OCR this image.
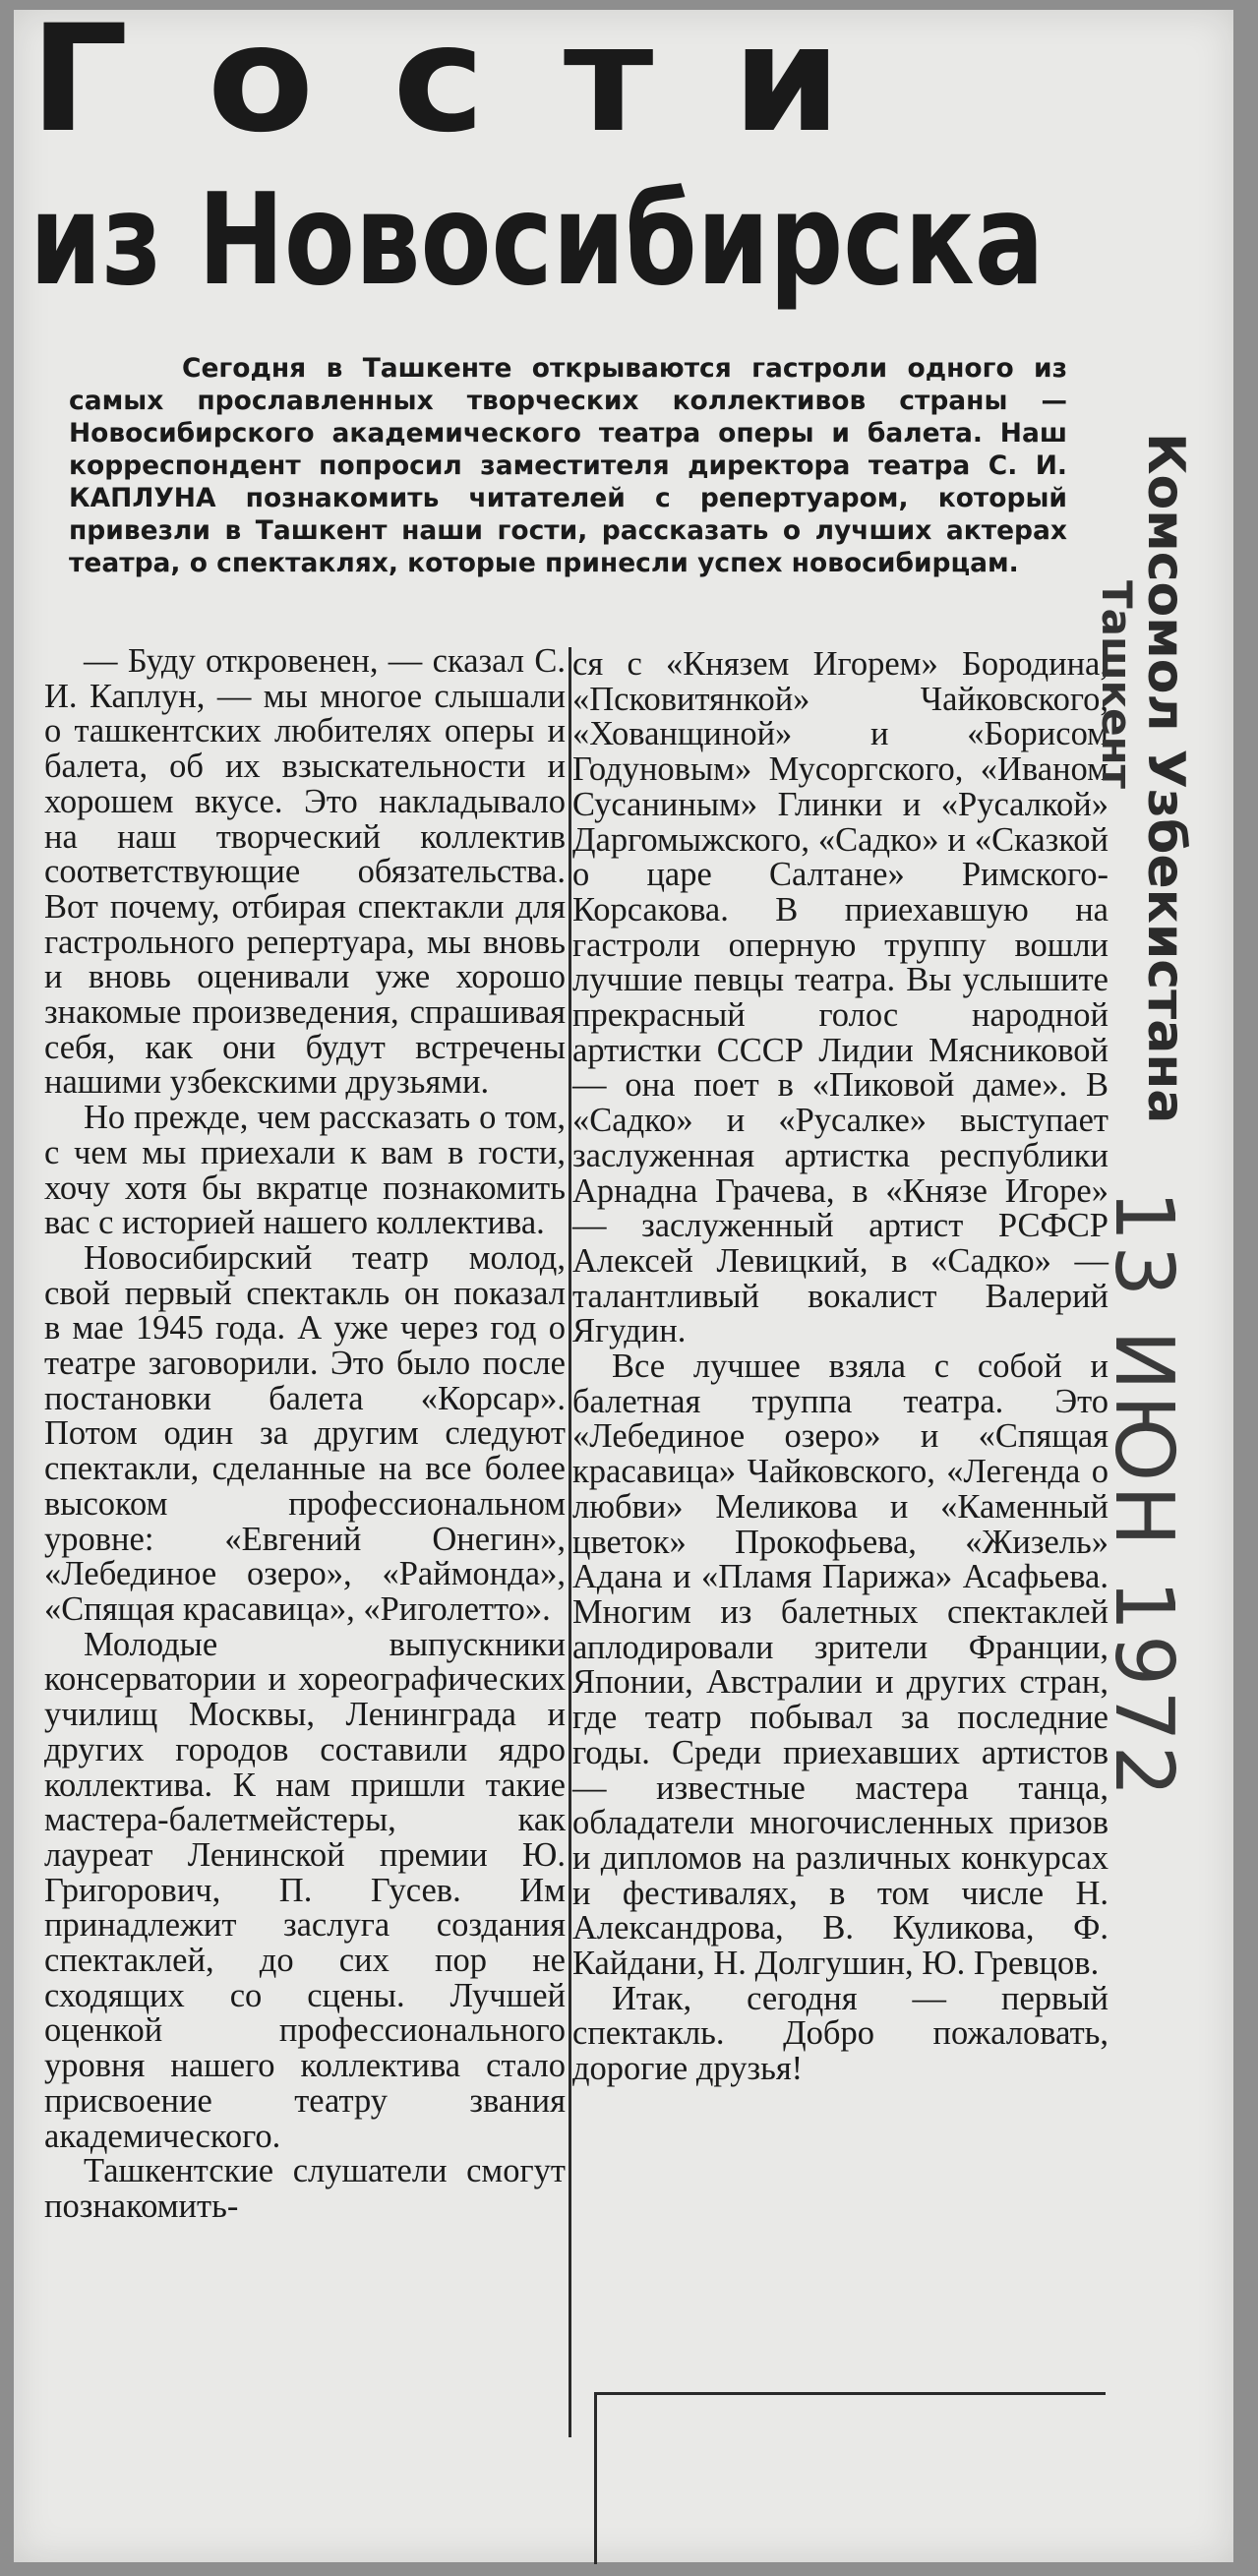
Гости
из Новосибирска

Сегодня в Ташкенте открываются гастроли одного из самых прославленных творческих коллективов страны — Новосибирского академического театра оперы и балета. Наш корреспондент попросил заместителя директора театра С. И. КАПЛУНА познакомить читателей с репертуаром, который привезли в Ташкент наши гости, рассказать о лучших актерах театра, о спектаклях, которые принесли успех новосибирцам.

— Буду откровенен, — сказал С. И. Каплун, — мы многое слышали о ташкентских любителях оперы и балета, об их взыскательности и хорошем вкусе. Это накладывало на наш творческий коллектив соответствующие обязательства. Вот почему, отбирая спектакли для гастрольного репертуара, мы вновь и вновь оценивали уже хорошо знакомые произведения, спрашивая себя, как они будут встречены нашими узбекскими друзьями.

Но прежде, чем рассказать о том, с чем мы приехали к вам в гости, хочу хотя бы вкратце познакомить вас с историей нашего коллектива.

Новосибирский театр молод, свой первый спектакль он показал в мае 1945 года. А уже через год о театре заговорили. Это было после постановки балета «Корсар». Потом один за другим следуют спектакли, сделанные на все более высоком профессиональном уровне: «Евгений Онегин», «Лебединое озеро», «Раймонда», «Спящая красавица», «Риголетто».

Молодые выпускники консерватории и хореографических училищ Москвы, Ленинграда и других городов составили ядро коллектива. К нам пришли такие мастера-балетмейстеры, как лауреат Ленинской премии Ю. Григорович, П. Гусев. Им принадлежит заслуга создания спектаклей, до сих пор не сходящих со сцены. Лучшей оценкой профессионального уровня нашего коллектива стало присвоение театру звания академического.

Ташкентские слушатели смогут познакомить-

ся с «Князем Игорем» Бородина, «Псковитянкой» Чайковского, «Хованщиной» и «Борисом Годуновым» Мусоргского, «Иваном Сусаниным» Глинки и «Русалкой» Даргомыжского, «Садко» и «Сказкой о царе Салтане» Римского-Корсакова. В приехавшую на гастроли оперную труппу вошли лучшие певцы театра. Вы услышите прекрасный голос народной артистки СССР Лидии Мясниковой — она поет в «Пиковой даме». В «Садко» и «Русалке» выступает заслуженная артистка республики Арнадна Грачева, в «Князе Игоре» — заслуженный артист РСФСР Алексей Левицкий, в «Садко» — талантливый вокалист Валерий Ягудин.

Все лучшее взяла с собой и балетная труппа театра. Это «Лебединое озеро» и «Спящая красавица» Чайковского, «Легенда о любви» Меликова и «Каменный цветок» Прокофьева, «Жизель» Адана и «Пламя Парижа» Асафьева. Многим из балетных спектаклей аплодировали зрители Франции, Японии, Австралии и других стран, где театр побывал за последние годы. Среди приехавших артистов — известные мастера танца, обладатели многочисленных призов и дипломов на различных конкурсах и фестивалях, в том числе Н. Александрова, В. Куликова, Ф. Кайдани, Н. Долгушин, Ю. Гревцов.

Итак, сегодня — первый спектакль. Добро пожаловать, дорогие друзья!

Комсомол Узбекистана
Ташкент
13 ИЮН 1972
